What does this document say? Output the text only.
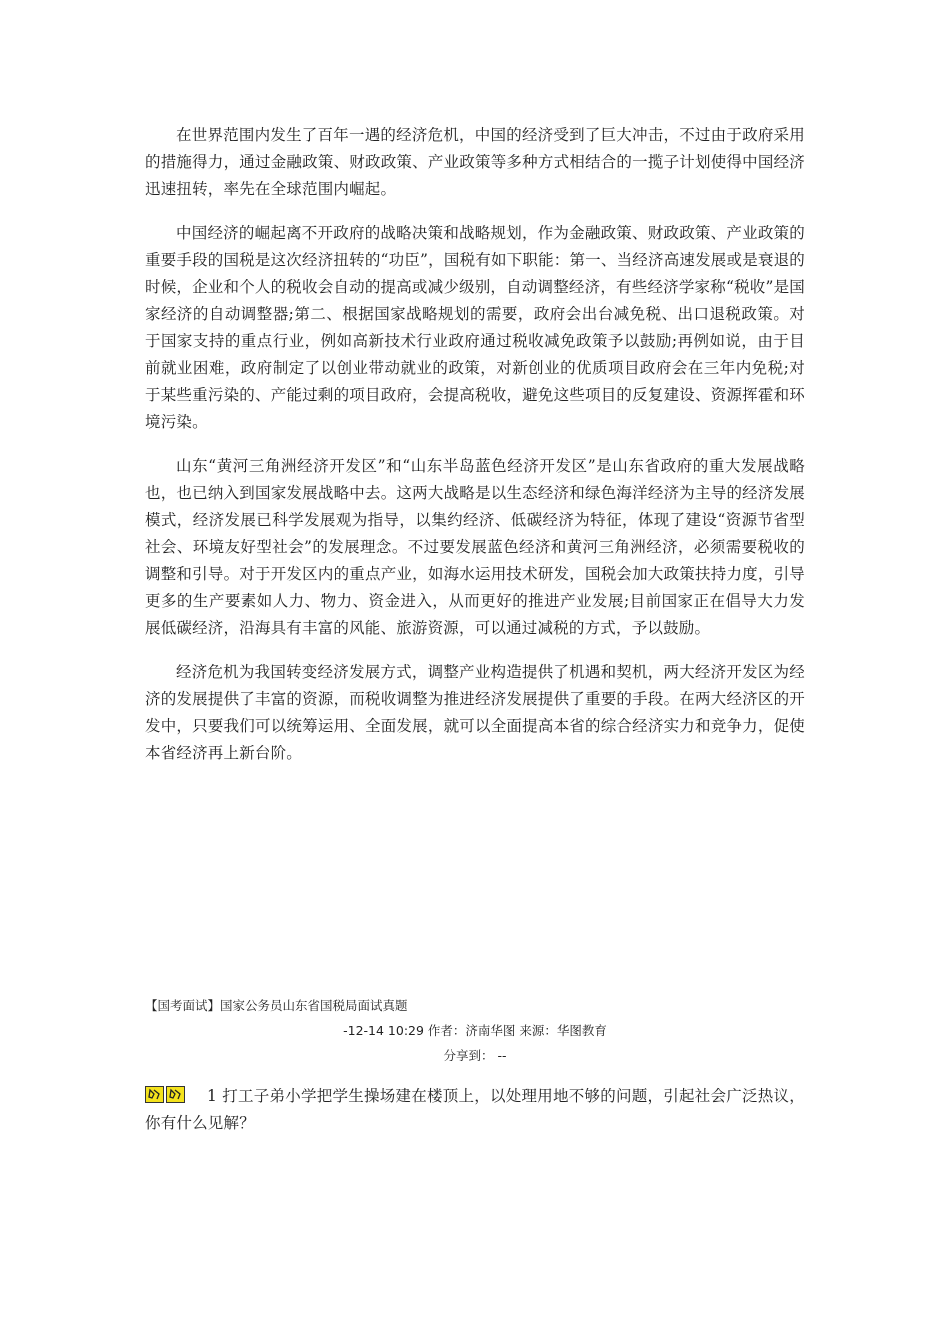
在世界范围内发生了百年一遇的经济危机，中国的经济受到了巨大冲击，不过由于政府采用的措施得力，通过金融政策、财政政策、产业政策等多种方式相结合的一揽子计划使得中国经济迅速扭转，率先在全球范围内崛起。

中国经济的崛起离不开政府的战略决策和战略规划，作为金融政策、财政政策、产业政策的重要手段的国税是这次经济扭转的“功臣”，国税有如下职能：第一、当经济高速发展或是衰退的时候，企业和个人的税收会自动的提高或减少级别，自动调整经济，有些经济学家称“税收”是国家经济的自动调整器;第二、根据国家战略规划的需要，政府会出台减免税、出口退税政策。对于国家支持的重点行业，例如高新技术行业政府通过税收减免政策予以鼓励;再例如说，由于目前就业困难，政府制定了以创业带动就业的政策，对新创业的优质项目政府会在三年内免税;对于某些重污染的、产能过剩的项目政府，会提高税收，避免这些项目的反复建设、资源挥霍和环境污染。

山东“黄河三角洲经济开发区”和“山东半岛蓝色经济开发区”是山东省政府的重大发展战略也，也已纳入到国家发展战略中去。这两大战略是以生态经济和绿色海洋经济为主导的经济发展模式，经济发展已科学发展观为指导，以集约经济、低碳经济为特征，体现了建设“资源节省型社会、环境友好型社会”的发展理念。不过要发展蓝色经济和黄河三角洲经济，必须需要税收的调整和引导。对于开发区内的重点产业，如海水运用技术研发，国税会加大政策扶持力度，引导更多的生产要素如人力、物力、资金进入，从而更好的推进产业发展;目前国家正在倡导大力发展低碳经济，沿海具有丰富的风能、旅游资源，可以通过减税的方式，予以鼓励。

经济危机为我国转变经济发展方式，调整产业构造提供了机遇和契机，两大经济开发区为经济的发展提供了丰富的资源，而税收调整为推进经济发展提供了重要的手段。在两大经济区的开发中，只要我们可以统筹运用、全面发展，就可以全面提高本省的综合经济实力和竞争力，促使本省经济再上新台阶。

【国考面试】国家公务员山东省国税局面试真题
-12-14 10:29 作者：济南华图 来源：华图教育
分享到： --
1 打工子弟小学把学生操场建在楼顶上，以处理用地不够的问题，引起社会广泛热议，你有什么见解？
